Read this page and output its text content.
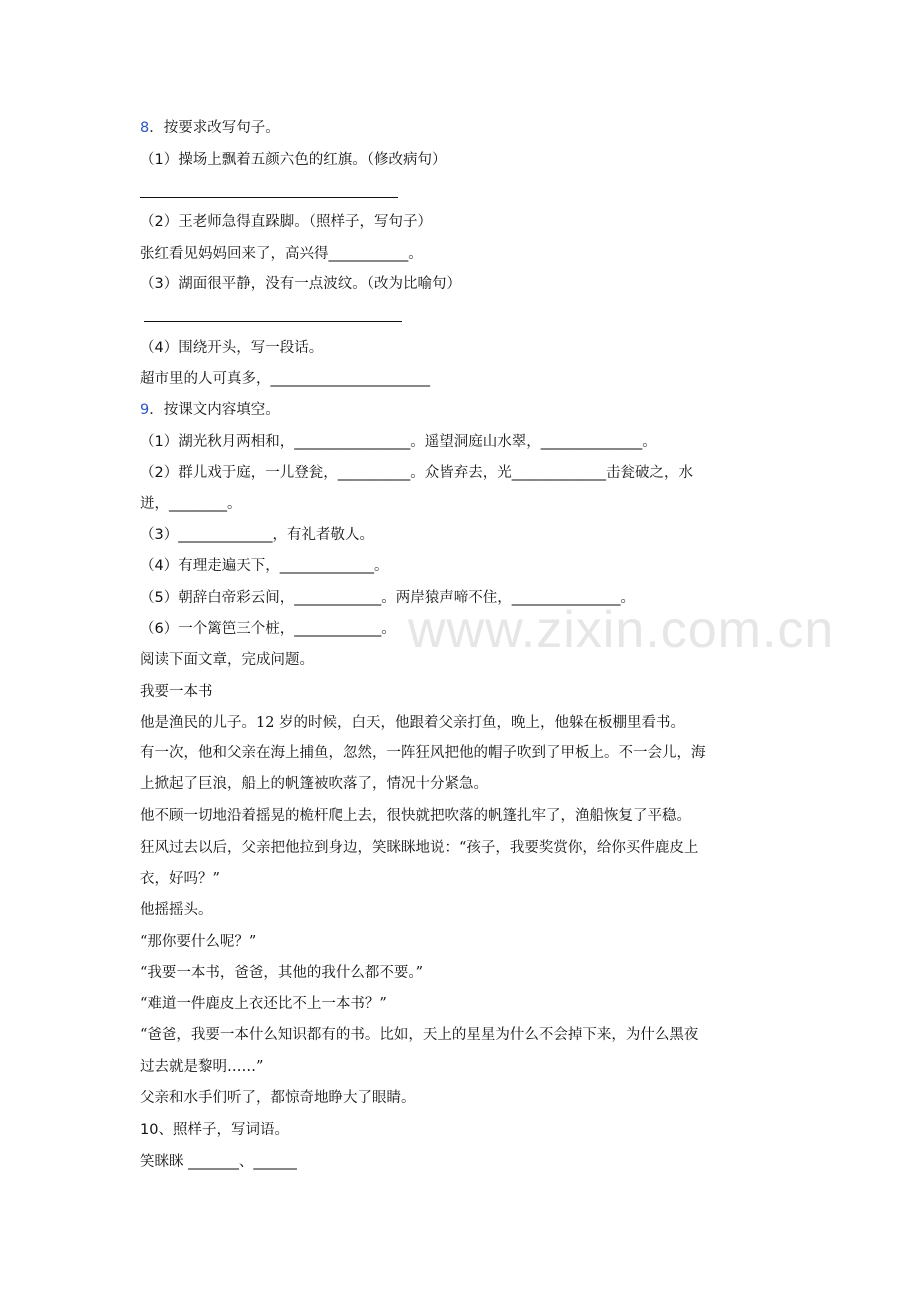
www.zixin.com.cn
8．按要求改写句子。
（1）操场上飘着五颜六色的红旗。（修改病句）
（2）王老师急得直跺脚。（照样子，写句子）
张红看见妈妈回来了，高兴得___________。
（3）湖面很平静，没有一点波纹。（改为比喻句）
（4）围绕开头，写一段话。
超市里的人可真多，______________________
9．按课文内容填空。
（1）湖光秋月两相和，________________。遥望洞庭山水翠，______________。
（2）群儿戏于庭，一儿登瓮，__________。众皆弃去，光_____________击瓮破之，水
迸，________。
（3）_____________，有礼者敬人。
（4）有理走遍天下，_____________。
（5）朝辞白帝彩云间，____________。两岸猿声啼不住，_______________。
（6）一个篱笆三个桩，____________。
阅读下面文章，完成问题。
我要一本书
他是渔民的儿子。12 岁的时候，白天，他跟着父亲打鱼，晚上，他躲在板棚里看书。
有一次，他和父亲在海上捕鱼，忽然，一阵狂风把他的帽子吹到了甲板上。不一会儿，海
上掀起了巨浪，船上的帆篷被吹落了，情况十分紧急。
他不顾一切地沿着摇晃的桅杆爬上去，很快就把吹落的帆篷扎牢了，渔船恢复了平稳。
狂风过去以后，父亲把他拉到身边，笑眯眯地说：“孩子，我要奖赏你，给你买件鹿皮上
衣，好吗？”
他摇摇头。
“那你要什么呢？”
“我要一本书，爸爸，其他的我什么都不要。”
“难道一件鹿皮上衣还比不上一本书？”
“爸爸，我要一本什么知识都有的书。比如，天上的星星为什么不会掉下来，为什么黑夜
过去就是黎明……”
父亲和水手们听了，都惊奇地睁大了眼睛。
10、照样子，写词语。
笑眯眯 _______、______
